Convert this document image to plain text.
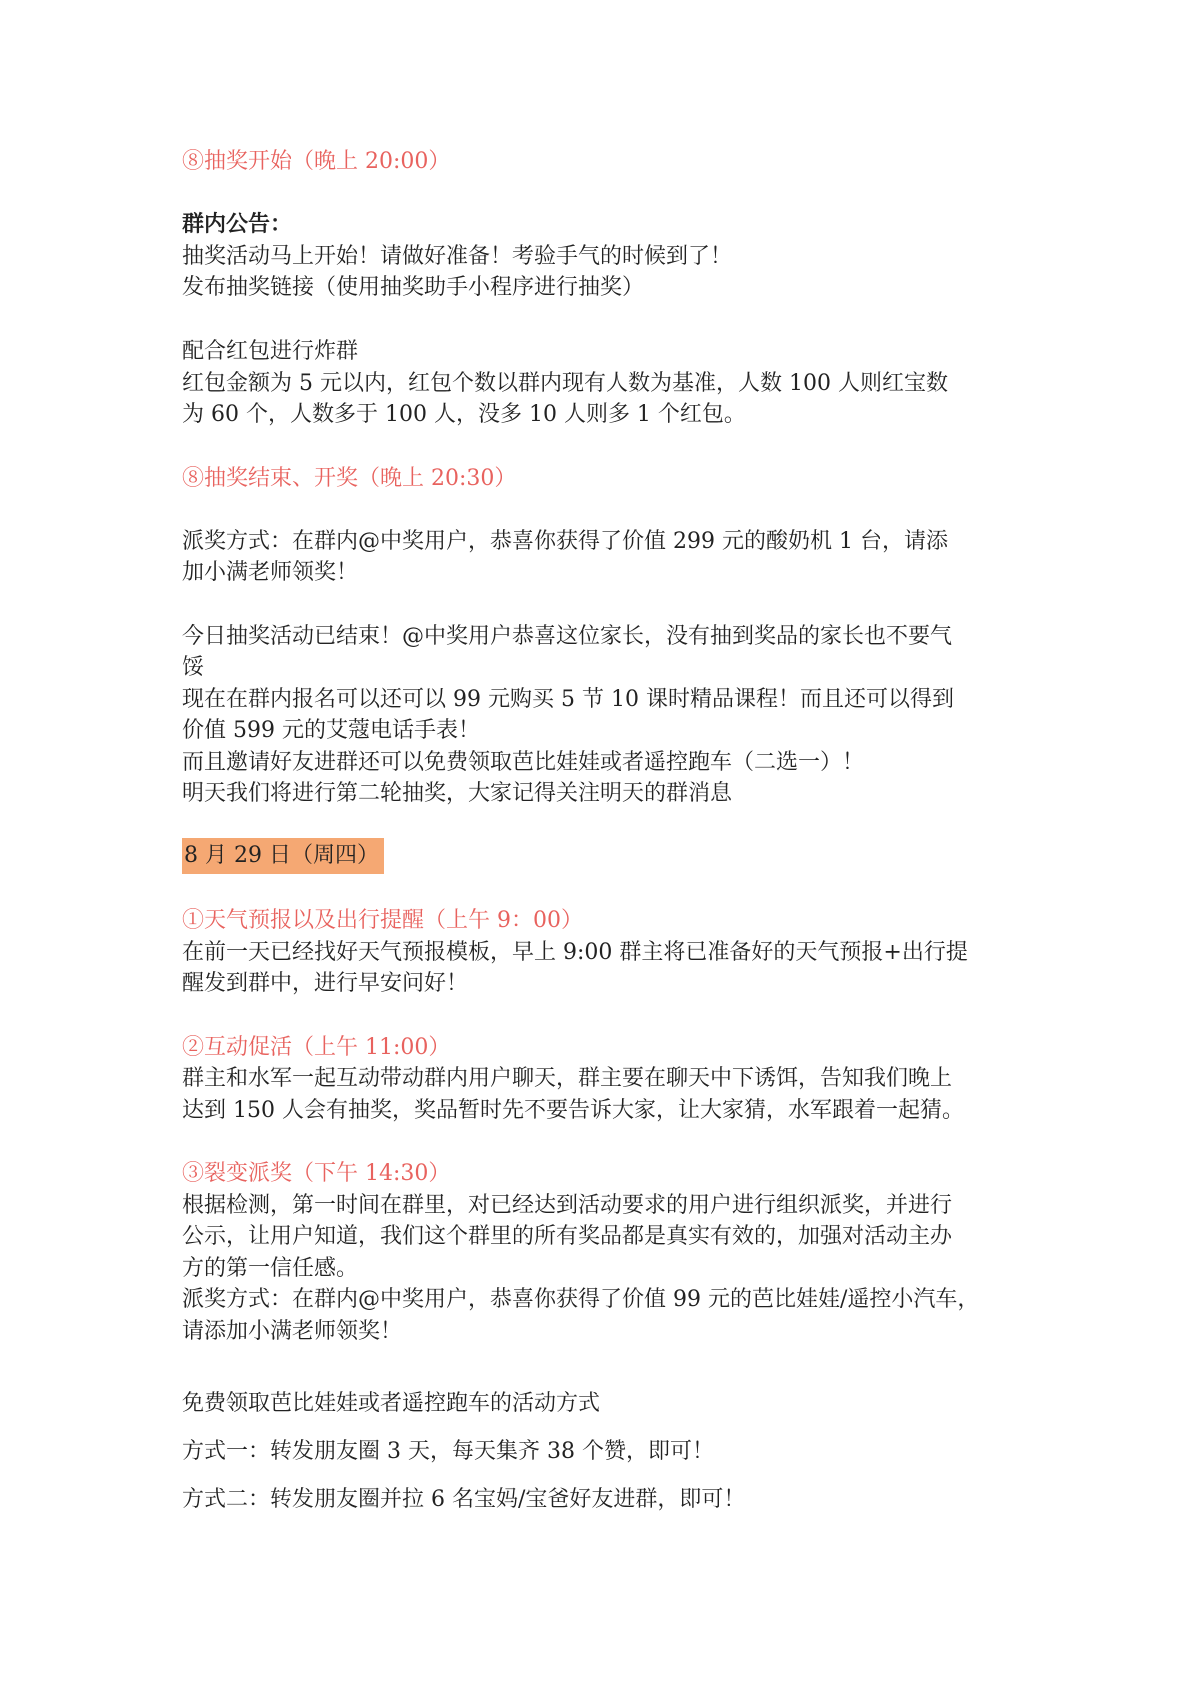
⑧抽奖开始（晚上 20:00）

群内公告：

抽奖活动马上开始！请做好准备！考验手气的时候到了！

发布抽奖链接（使用抽奖助手小程序进行抽奖）

配合红包进行炸群

红包金额为 5 元以内，红包个数以群内现有人数为基准，人数 100 人则红宝数

为 60 个，人数多于 100 人，没多 10 人则多 1 个红包。

⑧抽奖结束、开奖（晚上 20:30）

派奖方式：在群内@中奖用户，恭喜你获得了价值 299 元的酸奶机 1 台，请添

加小满老师领奖！

今日抽奖活动已结束！@中奖用户恭喜这位家长，没有抽到奖品的家长也不要气

馁

现在在群内报名可以还可以 99 元购买 5 节 10 课时精品课程！而且还可以得到

价值 599 元的艾蔻电话手表！

而且邀请好友进群还可以免费领取芭比娃娃或者遥控跑车（二选一）！

明天我们将进行第二轮抽奖，大家记得关注明天的群消息

8 月 29 日（周四）

①天气预报以及出行提醒（上午 9：00）

在前一天已经找好天气预报模板，早上 9:00 群主将已准备好的天气预报+出行提

醒发到群中，进行早安问好！

②互动促活（上午 11:00）

群主和水军一起互动带动群内用户聊天，群主要在聊天中下诱饵，告知我们晚上

达到 150 人会有抽奖，奖品暂时先不要告诉大家，让大家猜，水军跟着一起猜。

③裂变派奖（下午 14:30）

根据检测，第一时间在群里，对已经达到活动要求的用户进行组织派奖，并进行

公示，让用户知道，我们这个群里的所有奖品都是真实有效的，加强对活动主办

方的第一信任感。

派奖方式：在群内@中奖用户，恭喜你获得了价值 99 元的芭比娃娃/遥控小汽车，

请添加小满老师领奖！

免费领取芭比娃娃或者遥控跑车的活动方式

方式一：转发朋友圈 3 天，每天集齐 38 个赞，即可！

方式二：转发朋友圈并拉 6 名宝妈/宝爸好友进群，即可！
